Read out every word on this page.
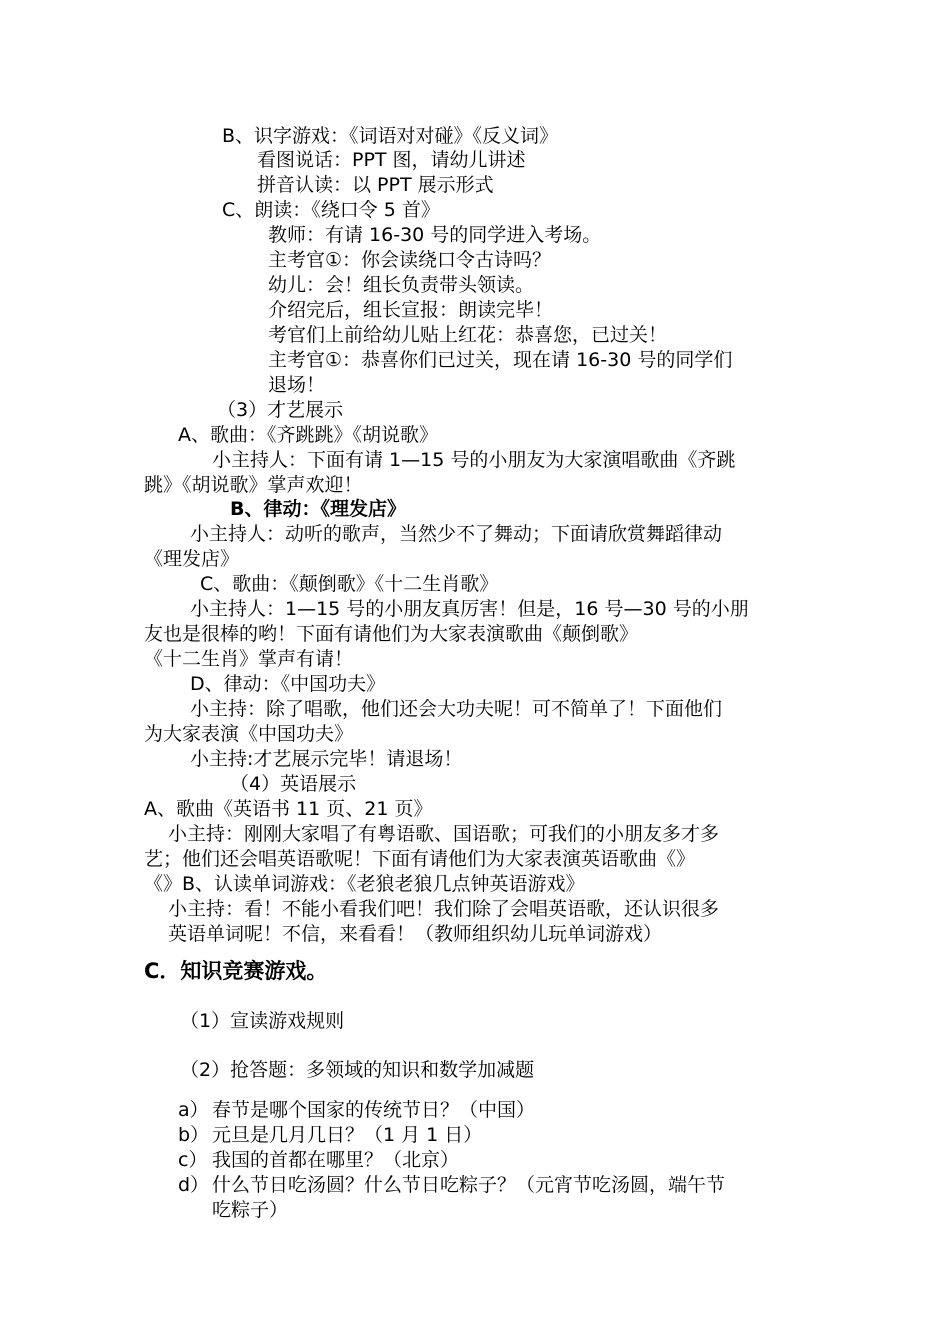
B、识字游戏：《词语对对碰》《反义词》
看图说话：PPT 图，请幼儿讲述
拼音认读：以 PPT 展示形式
C、朗读：《绕口令 5 首》
教师：有请 16-30 号的同学进入考场。
主考官①：你会读绕口令古诗吗？
幼儿：会！组长负责带头领读。
介绍完后，组长宣报：朗读完毕！
考官们上前给幼儿贴上红花：恭喜您，已过关！
主考官①：恭喜你们已过关，现在请 16-30 号的同学们
退场！
（3）才艺展示
A、歌曲：《齐跳跳》《胡说歌》
小主持人：下面有请 1—15 号的小朋友为大家演唱歌曲《齐跳
跳》《胡说歌》掌声欢迎！
B、律动：《理发店》
小主持人：动听的歌声，当然少不了舞动；下面请欣赏舞蹈律动
《理发店》
C、歌曲：《颠倒歌》《十二生肖歌》
小主持人：1—15 号的小朋友真厉害！但是，16 号—30 号的小朋
友也是很棒的哟！下面有请他们为大家表演歌曲《颠倒歌》
《十二生肖》掌声有请！
D、律动：《中国功夫》
小主持：除了唱歌，他们还会大功夫呢！可不简单了！下面他们
为大家表演《中国功夫》
小主持:才艺展示完毕！请退场！
（4）英语展示
A、歌曲《英语书 11 页、21 页》
小主持：刚刚大家唱了有粤语歌、国语歌；可我们的小朋友多才多
艺；他们还会唱英语歌呢！下面有请他们为大家表演英语歌曲《》
《》B、认读单词游戏：《老狼老狼几点钟英语游戏》
小主持：看！不能小看我们吧！我们除了会唱英语歌，还认识很多
英语单词呢！不信，来看看！（教师组织幼儿玩单词游戏）
C．知识竞赛游戏。
（1）宣读游戏规则
（2）抢答题：多领域的知识和数学加减题
a） 春节是哪个国家的传统节日？（中国）
b） 元旦是几月几日？（1 月 1 日）
c） 我国的首都在哪里？（北京）
d） 什么节日吃汤圆？什么节日吃粽子？（元宵节吃汤圆，端午节
吃粽子）
